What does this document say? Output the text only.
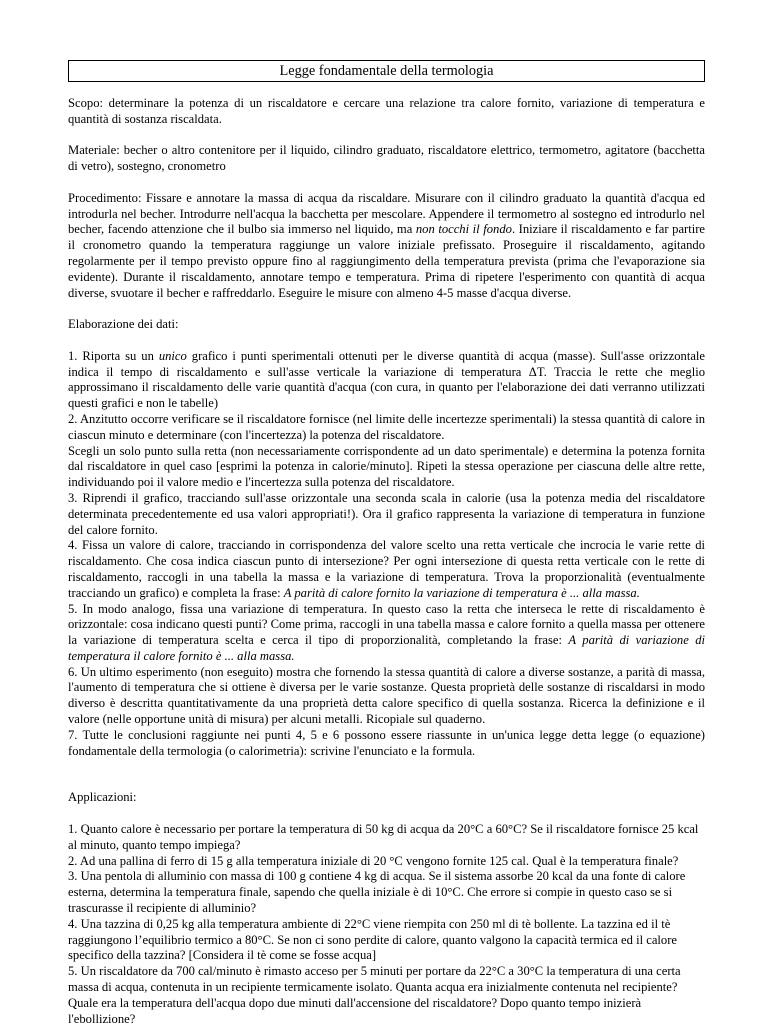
Legge fondamentale della termologia

Scopo: determinare la potenza di un riscaldatore e cercare una relazione tra calore fornito, variazione di temperatura e quantità di sostanza riscaldata.

Materiale: becher o altro contenitore per il liquido, cilindro graduato, riscaldatore elettrico, termometro, agitatore (bacchetta di vetro), sostegno, cronometro

Procedimento: Fissare e annotare la massa di acqua da riscaldare. Misurare con il cilindro graduato la quantità d'acqua ed introdurla nel becher. Introdurre nell'acqua la bacchetta per mescolare. Appendere il termometro al sostegno ed introdurlo nel becher, facendo attenzione che il bulbo sia immerso nel liquido, ma non tocchi il fondo. Iniziare il riscaldamento e far partire il cronometro quando la temperatura raggiunge un valore iniziale prefissato. Proseguire il riscaldamento, agitando regolarmente per il tempo previsto oppure fino al raggiungimento della temperatura prevista (prima che l'evaporazione sia evidente). Durante il riscaldamento, annotare tempo e temperatura. Prima di ripetere l'esperimento con quantità di acqua diverse, svuotare il becher e raffreddarlo. Eseguire le misure con almeno 4-5 masse d'acqua diverse.

Elaborazione dei dati:

1. Riporta su un unico grafico i punti sperimentali ottenuti per le diverse quantità di acqua (masse). Sull'asse orizzontale indica il tempo di riscaldamento e sull'asse verticale la variazione di temperatura ΔT. Traccia le rette che meglio approssimano il riscaldamento delle varie quantità d'acqua (con cura, in quanto per l'elaborazione dei dati verranno utilizzati questi grafici e non le tabelle)

2. Anzitutto occorre verificare se il riscaldatore fornisce (nel limite delle incertezze sperimentali) la stessa quantità di calore in ciascun minuto e determinare (con l'incertezza) la potenza del riscaldatore.

Scegli un solo punto sulla retta (non necessariamente corrispondente ad un dato sperimentale) e determina la potenza fornita dal riscaldatore in quel caso [esprimi la potenza in calorie/minuto]. Ripeti la stessa operazione per ciascuna delle altre rette, individuando poi il valore medio e l'incertezza sulla potenza del riscaldatore.

3. Riprendi il grafico, tracciando sull'asse orizzontale una seconda scala in calorie (usa la potenza media del riscaldatore determinata precedentemente ed usa valori appropriati!). Ora il grafico rappresenta la variazione di temperatura in funzione del calore fornito.

4. Fissa un valore di calore, tracciando in corrispondenza del valore scelto una retta verticale che incrocia le varie rette di riscaldamento. Che cosa indica ciascun punto di intersezione? Per ogni intersezione di questa retta verticale con le rette di riscaldamento, raccogli in una tabella la massa e la variazione di temperatura. Trova la proporzionalità (eventualmente tracciando un grafico) e completa la frase: A parità di calore fornito la variazione di temperatura è ... alla massa.

5. In modo analogo, fissa una variazione di temperatura. In questo caso la retta che interseca le rette di riscaldamento è orizzontale: cosa indicano questi punti? Come prima, raccogli in una tabella massa e calore fornito a quella massa per ottenere la variazione di temperatura scelta e cerca il tipo di proporzionalità, completando la frase: A parità di variazione di temperatura il calore fornito è ... alla massa.

6. Un ultimo esperimento (non eseguito) mostra che fornendo la stessa quantità di calore a diverse sostanze, a parità di massa, l'aumento di temperatura che si ottiene è diversa per le varie sostanze. Questa proprietà delle sostanze di riscaldarsi in modo diverso è descritta quantitativamente da una proprietà detta calore specifico di quella sostanza. Ricerca la definizione e il valore (nelle opportune unità di misura) per alcuni metalli. Ricopiale sul quaderno.

7. Tutte le conclusioni raggiunte nei punti 4, 5 e 6 possono essere riassunte in un'unica legge detta legge (o equazione) fondamentale della termologia (o calorimetria): scrivine l'enunciato e la formula.

Applicazioni:

1. Quanto calore è necessario per portare la temperatura di 50 kg di acqua da 20°C a 60°C? Se il riscaldatore fornisce 25 kcal al minuto, quanto tempo impiega?

2. Ad una pallina di ferro di 15 g alla temperatura iniziale di 20 °C vengono fornite 125 cal. Qual è la temperatura finale?

3. Una pentola di alluminio con massa di 100 g contiene 4 kg di acqua. Se il sistema assorbe 20 kcal da una fonte di calore esterna, determina la temperatura finale, sapendo che quella iniziale è di 10°C. Che errore si compie in questo caso se si trascurasse il recipiente di alluminio?

4. Una tazzina di 0,25 kg alla temperatura ambiente di 22°C viene riempita con 250 ml di tè bollente. La tazzina ed il tè raggiungono l’equilibrio termico a 80°C. Se non ci sono perdite di calore, quanto valgono la capacità termica ed il calore specifico della tazzina? [Considera il tè come se fosse acqua]

5. Un riscaldatore da 700 cal/minuto è rimasto acceso per 5 minuti per portare da 22°C a 30°C la temperatura di una certa massa di acqua, contenuta in un recipiente termicamente isolato. Quanta acqua era inizialmente contenuta nel recipiente? Quale era la temperatura dell'acqua dopo due minuti dall'accensione del riscaldatore? Dopo quanto tempo inizierà l'ebollizione?
